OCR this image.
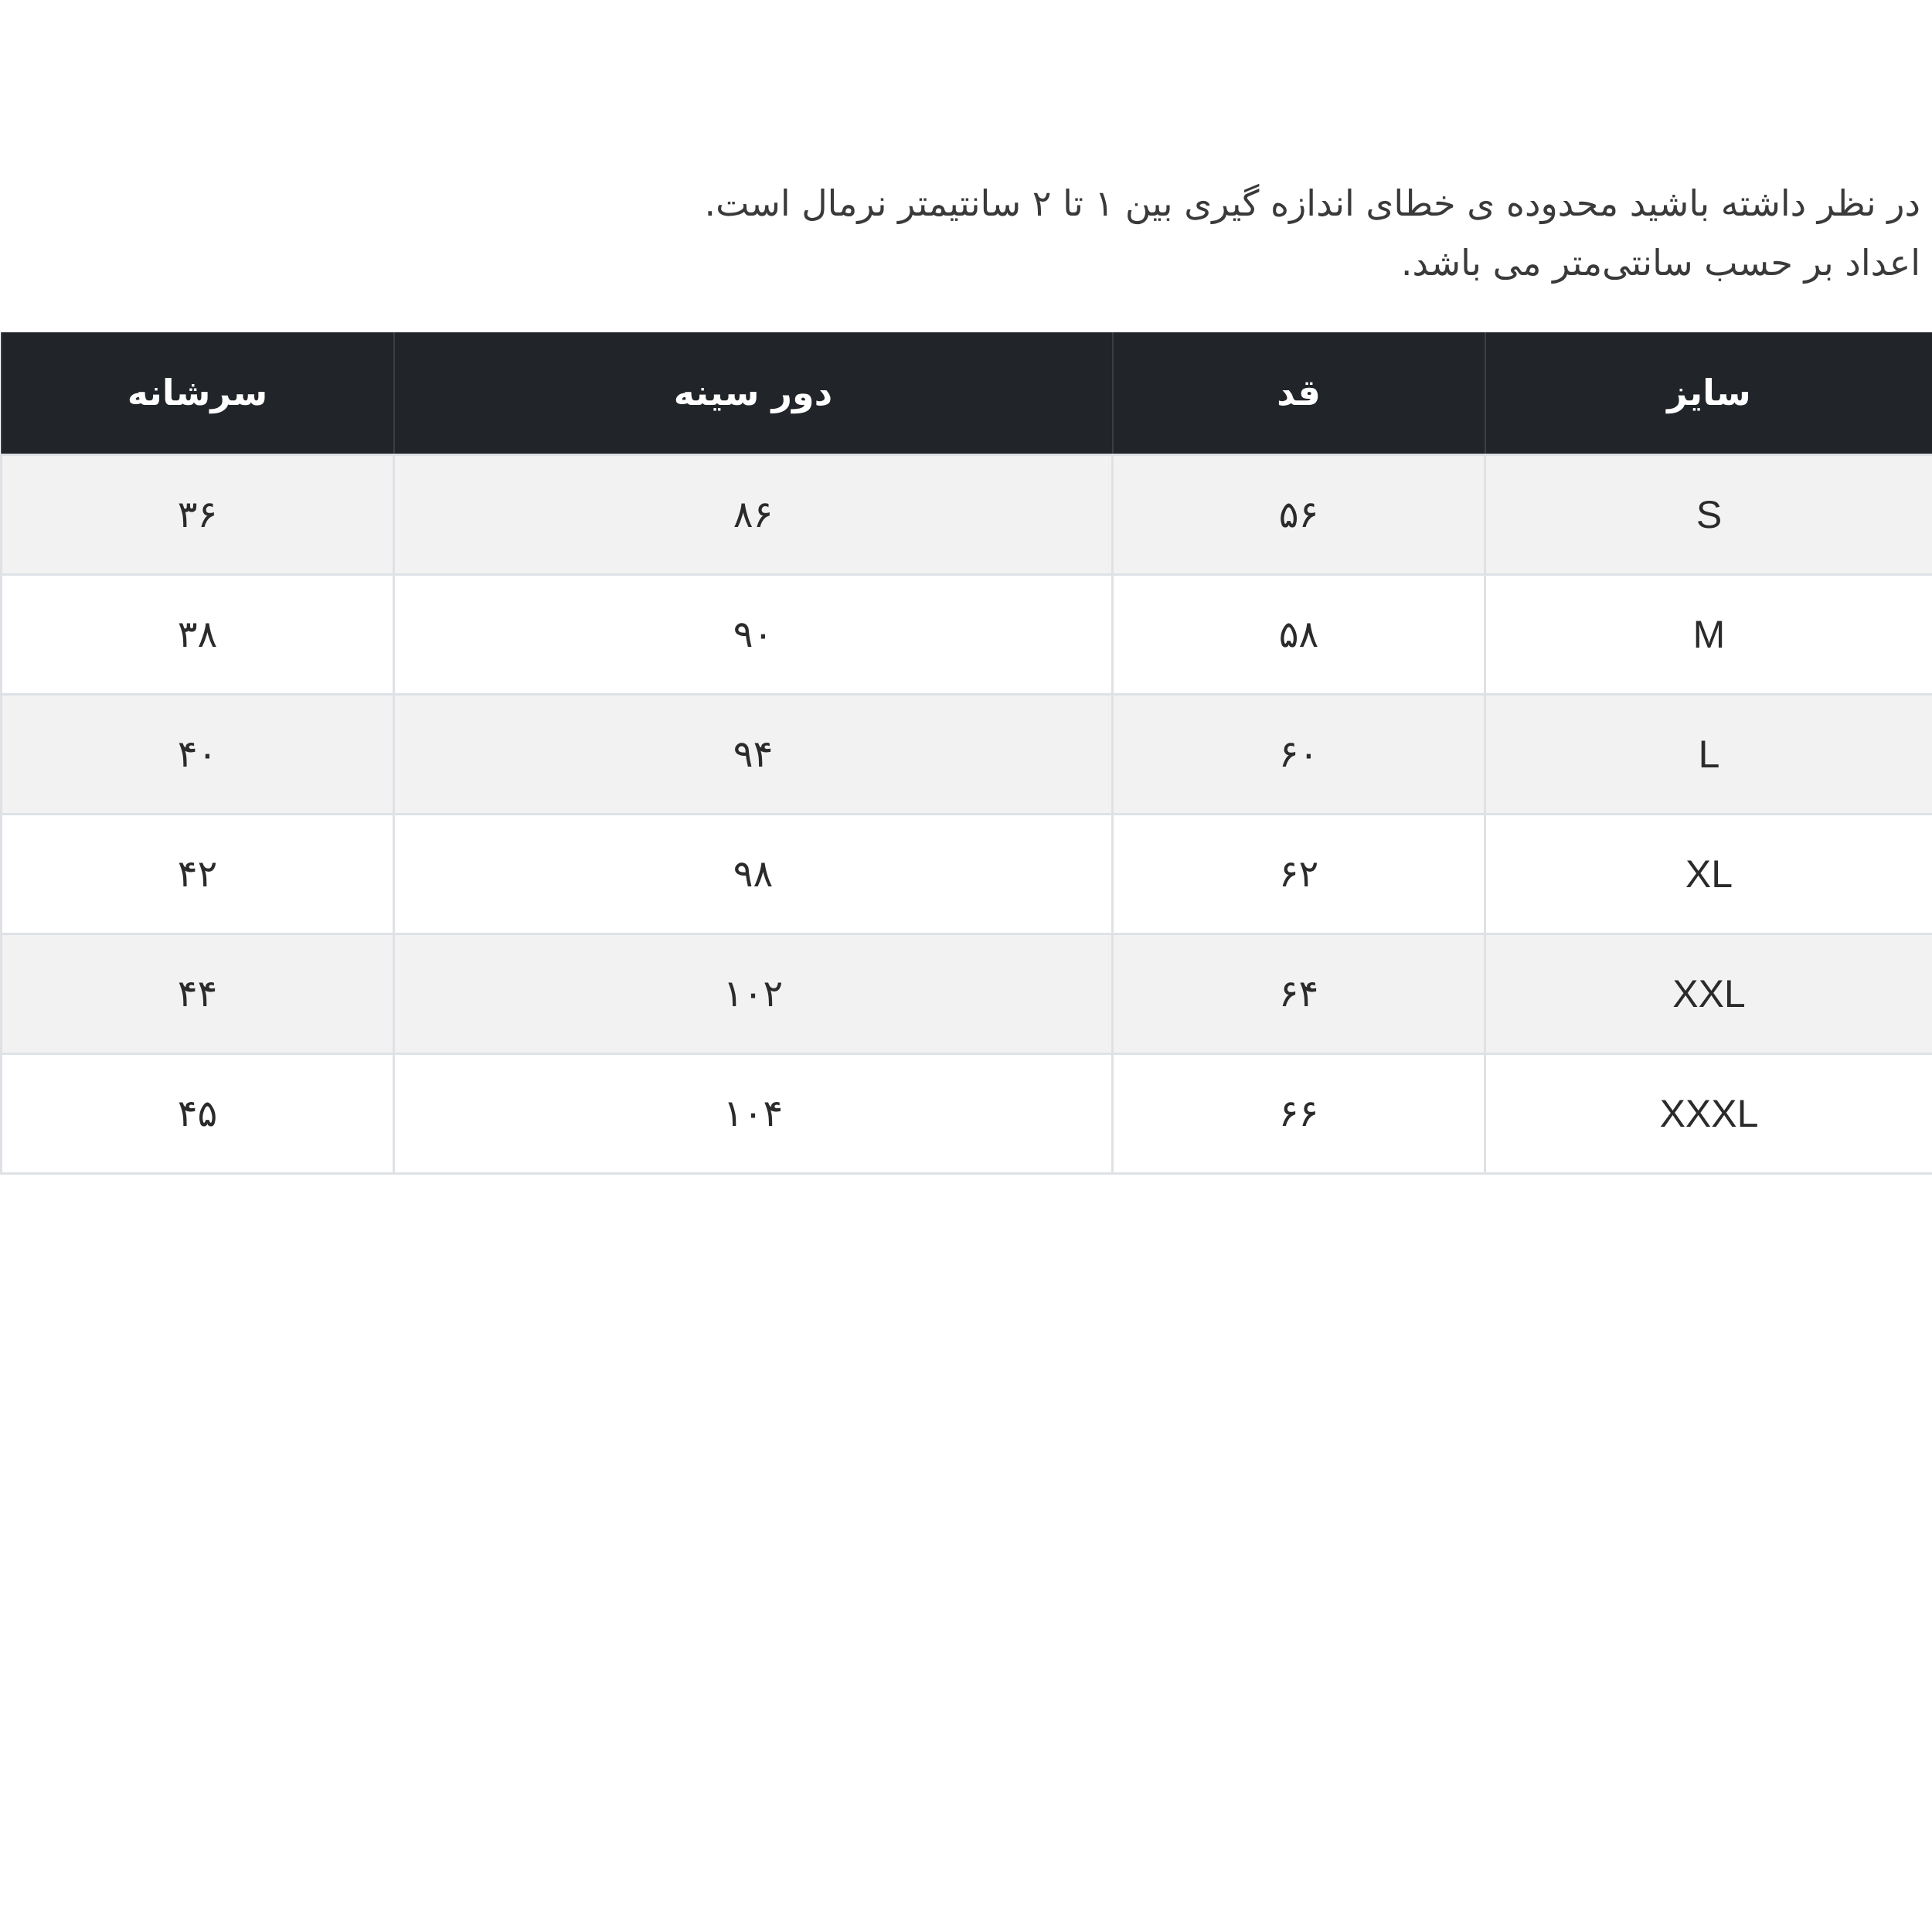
در نظر داشته باشید محدوده ی خطای اندازه گیری بین ۱ تا ۲ سانتیمتر نرمال است.

اعداد بر حسب سانتی‌متر می باشد.

سایز	قد	دور سینه	سرشانه
S	۵۶	۸۶	۳۶
M	۵۸	۹۰	۳۸
L	۶۰	۹۴	۴۰
XL	۶۲	۹۸	۴۲
XXL	۶۴	۱۰۲	۴۴
XXXL	۶۶	۱۰۴	۴۵
